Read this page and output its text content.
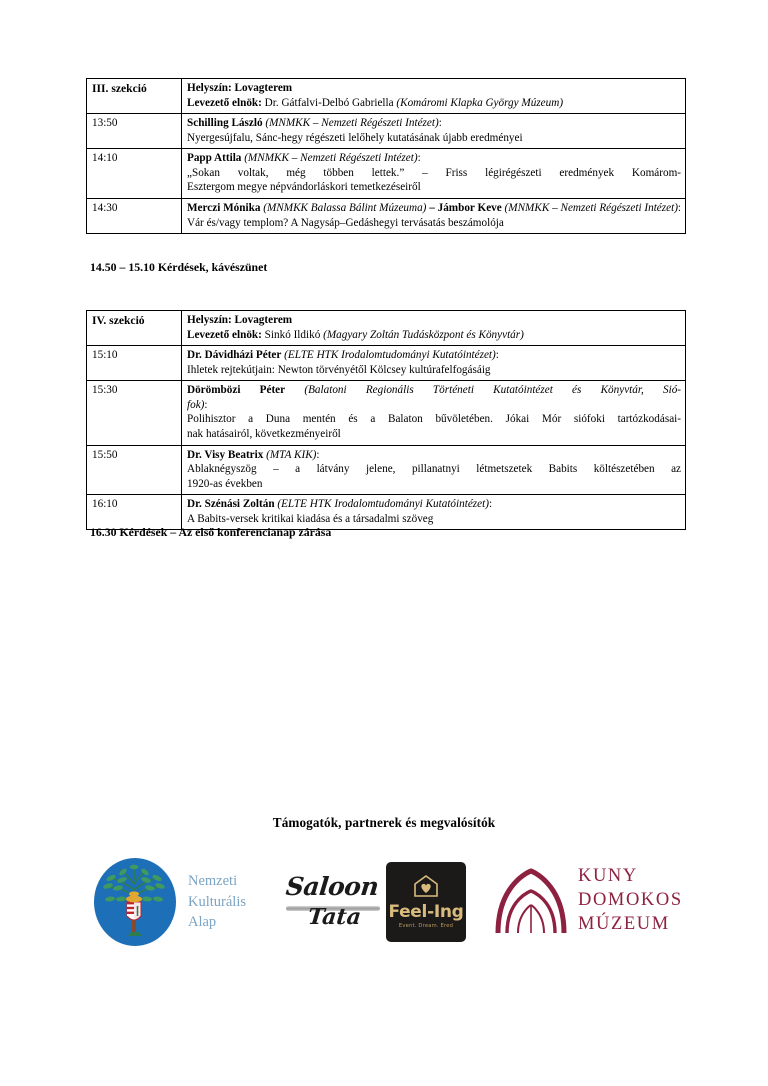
III. szekció	Helyszín: Lovagterem
Levezető elnök: Dr. Gátfalvi-Delbó Gabriella (Komáromi Klapka György Múzeum)

13:50	Schilling László (MNMKK – Nemzeti Régészeti Intézet):
Nyergesújfalu, Sánc-hegy régészeti lelőhely kutatásának újabb eredményei

14:10	Papp Attila (MNMKK – Nemzeti Régészeti Intézet):
„Sokan voltak, még többen lettek.” – Friss légirégészeti eredmények Komárom-
Esztergom megye népvándorláskori temetkezéseiről

14:30	Merczi Mónika (MNMKK Balassa Bálint Múzeuma) – Jámbor Keve (MNMKK – Nemzeti Régészeti Intézet):
Vár és/vagy templom? A Nagysáp–Gedáshegyi tervásatás beszámolója
14.50 – 15.10 Kérdések, kávészünet
IV. szekció	Helyszín: Lovagterem
Levezető elnök: Sinkó Ildikó (Magyary Zoltán Tudásközpont és Könyvtár)

15:10	Dr. Dávidházi Péter (ELTE HTK Irodalomtudományi Kutatóintézet):
Ihletek rejtekútjain: Newton törvényétől Kölcsey kultúrafelfogásáig

15:30	Dörömbözi Péter (Balatoni Regionális Történeti Kutatóintézet és Könyvtár, Sió-
fok):
Polihisztor a Duna mentén és a Balaton bűvöletében. Jókai Mór siófoki tartózkodásai-
nak hatásairól, következményeiről

15:50	Dr. Visy Beatrix (MTA KIK):
Ablaknégyszög – a látvány jelene, pillanatnyi létmetszetek Babits költészetében az
1920-as években

16:10	Dr. Szénási Zoltán (ELTE HTK Irodalomtudományi Kutatóintézet):
A Babits-versek kritikai kiadása és a társadalmi szöveg
16.30 Kérdések – Az első konferencianap zárása
Támogatók, partnerek és megvalósítók
Nemzeti
Kulturális
Alap
Saloon
Tata Feel-Ing
Event. Dream. Ered
KUNY
DOMOKOS
MÚZEUM
